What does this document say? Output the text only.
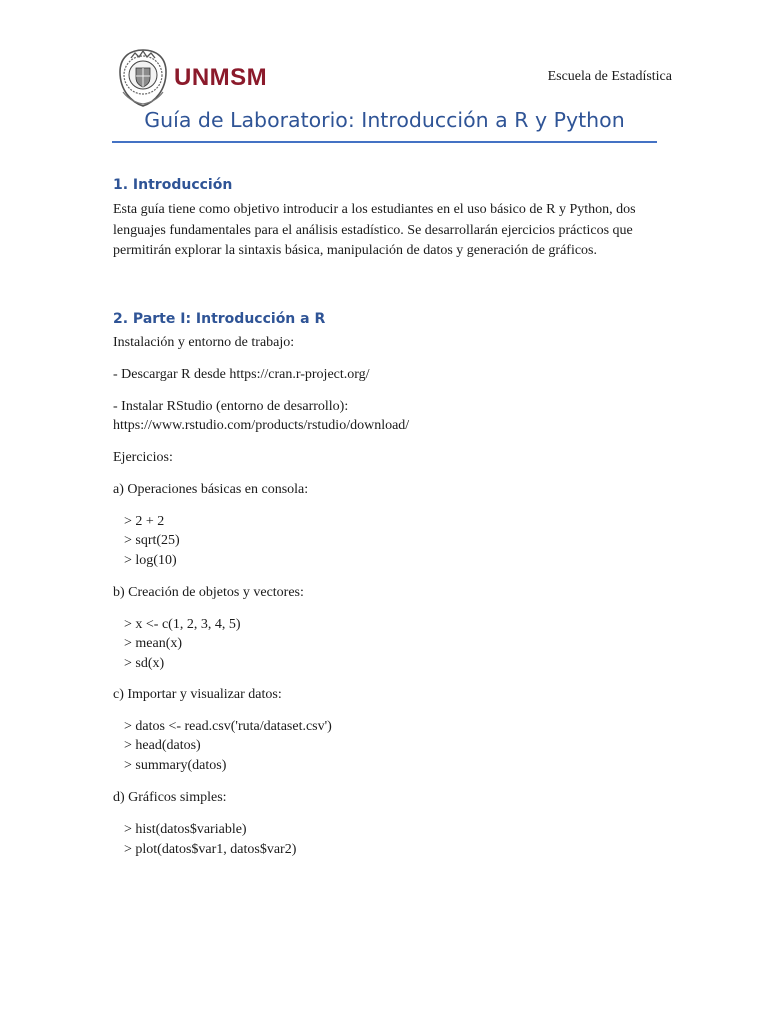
UNMSM	Escuela de Estadística
Guía de Laboratorio: Introducción a R y Python
1. Introducción
Esta guía tiene como objetivo introducir a los estudiantes en el uso básico de R y Python, dos lenguajes fundamentales para el análisis estadístico. Se desarrollarán ejercicios prácticos que permitirán explorar la sintaxis básica, manipulación de datos y generación de gráficos.
2. Parte I: Introducción a R
Instalación y entorno de trabajo:
- Descargar R desde https://cran.r-project.org/
- Instalar RStudio (entorno de desarrollo):
https://www.rstudio.com/products/rstudio/download/
Ejercicios:
a) Operaciones básicas en consola:
> 2 + 2
> sqrt(25)
> log(10)
b) Creación de objetos y vectores:
> x <- c(1, 2, 3, 4, 5)
> mean(x)
> sd(x)
c) Importar y visualizar datos:
> datos <- read.csv('ruta/dataset.csv')
> head(datos)
> summary(datos)
d) Gráficos simples:
> hist(datos$variable)
> plot(datos$var1, datos$var2)
